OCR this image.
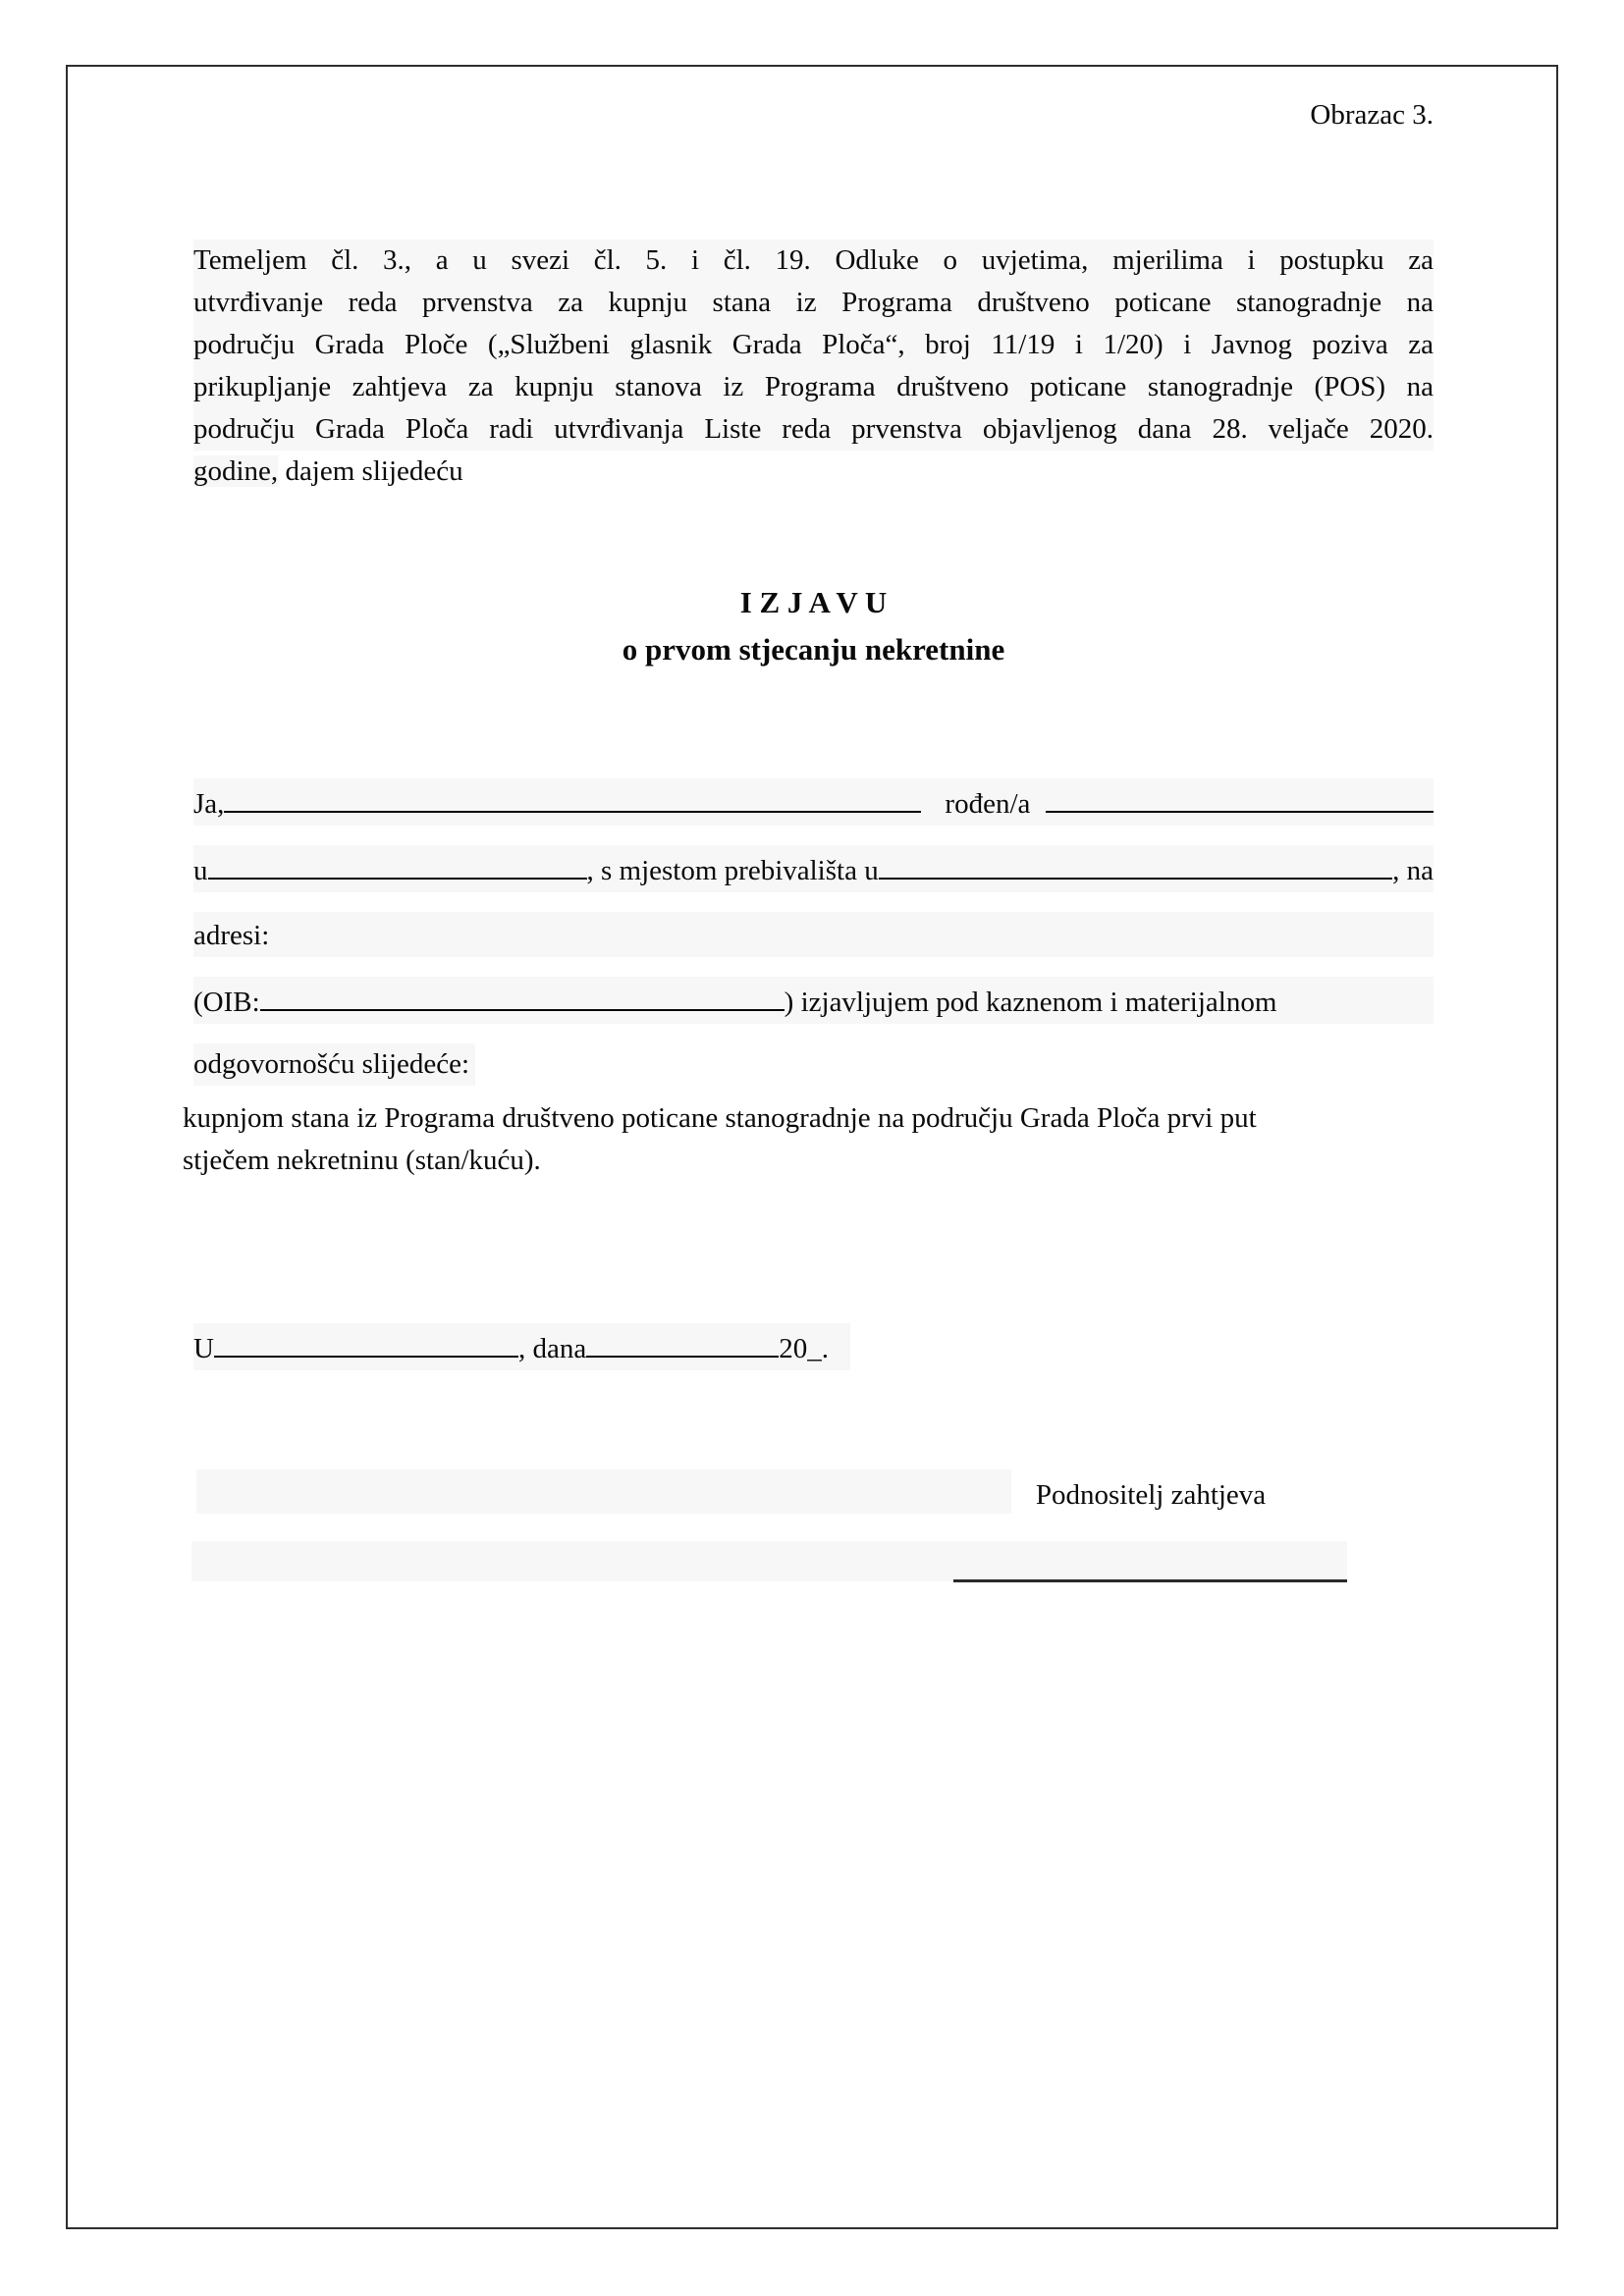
Obrazac 3.
Temeljem čl. 3., a u svezi čl. 5. i čl. 19. Odluke o uvjetima, mjerilima i postupku za
utvrđivanje reda prvenstva za kupnju stana iz Programa društveno poticane stanogradnje na
području Grada Ploče („Službeni glasnik Grada Ploča“, broj 11/19 i 1/20) i Javnog poziva za
prikupljanje zahtjeva za kupnju stanova iz Programa društveno poticane stanogradnje (POS) na
području Grada Ploča radi utvrđivanja Liste reda prvenstva objavljenog dana 28. veljače 2020.
godine, dajem slijedeću
I Z J A V U
o prvom stjecanju nekretnine
Ja,	rođen/a
u	, s mjestom prebivališta u	, na
adresi:
(OIB:	) izjavljujem pod kaznenom i materijalnom
odgovornošću slijedeće:
kupnjom stana iz Programa društveno poticane stanogradnje na području Grada Ploča prvi put
stječem nekretninu (stan/kuću).
U	, dana	20_.
Podnositelj zahtjeva
